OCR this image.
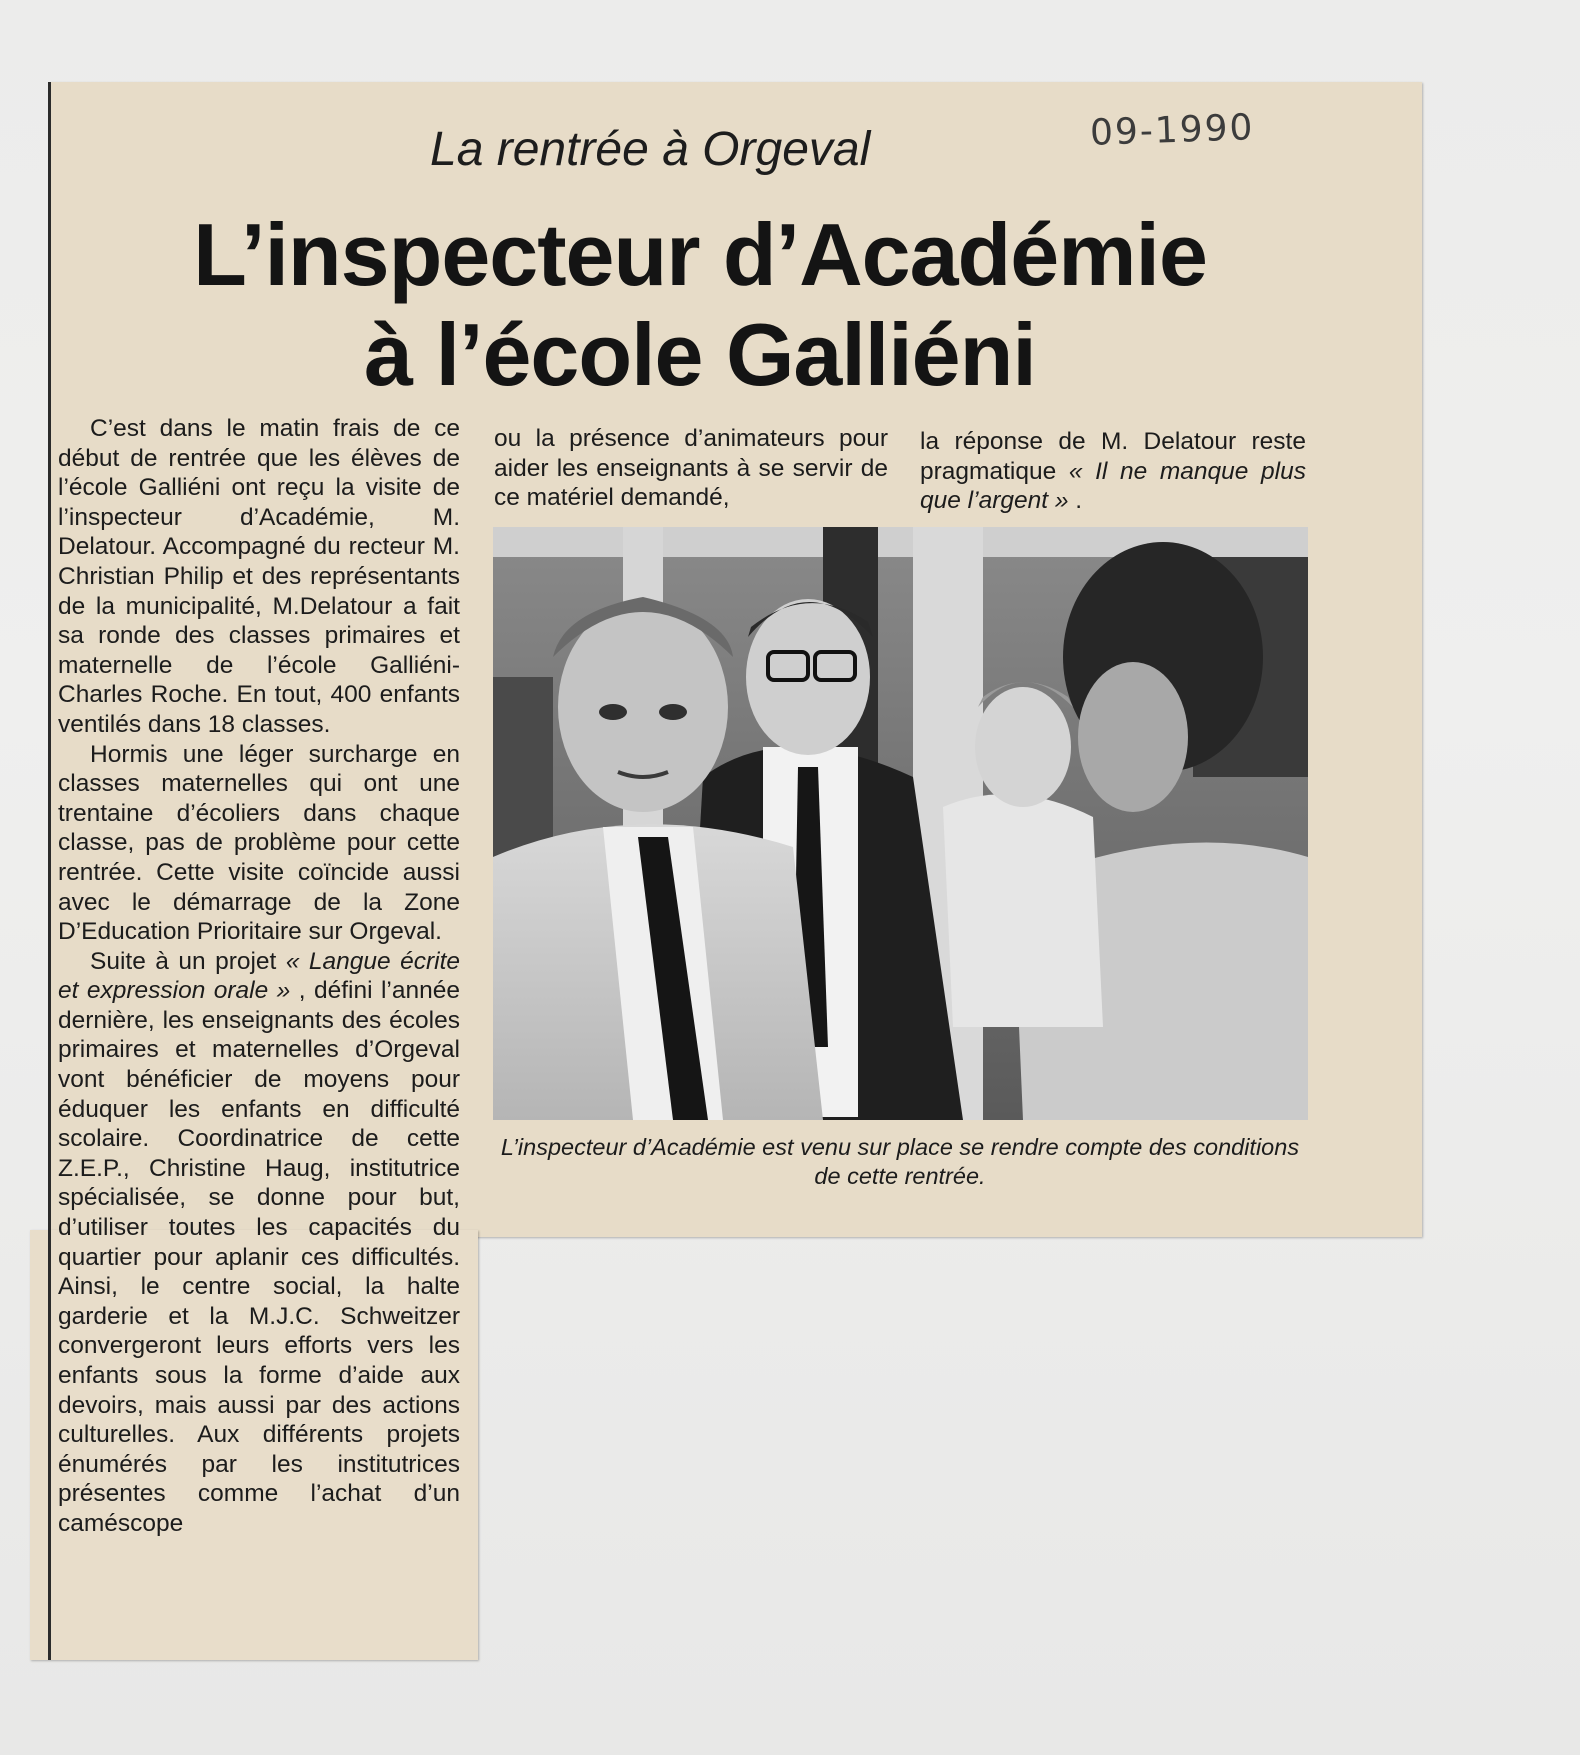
09-1990
La rentrée à Orgeval
L’inspecteur d’Académie
à l’école Galliéni

C’est dans le matin frais de ce début de rentrée que les élèves de l’école Galliéni ont reçu la visite de l’inspecteur d’Académie, M. Delatour. Accompagné du recteur M. Christian Philip et des représentants de la municipalité, M.Delatour a fait sa ronde des classes primaires et maternelle de l’école Galliéni-Charles Roche. En tout, 400 enfants ventilés dans 18 classes.

Hormis une léger surcharge en classes maternelles qui ont une trentaine d’écoliers dans chaque classe, pas de problème pour cette rentrée. Cette visite coïncide aussi avec le démarrage de la Zone D’Education Prioritaire sur Orgeval.

Suite à un projet « Langue écrite et expression orale » , défini l’année dernière, les enseignants des écoles primaires et maternelles d’Orgeval vont bénéficier de moyens pour éduquer les enfants en difficulté scolaire. Coordinatrice de cette Z.E.P., Christine Haug, institutrice spécialisée, se donne pour but, d’utiliser toutes les capacités du quartier pour aplanir ces difficultés. Ainsi, le centre social, la halte garderie et la M.J.C. Schweitzer convergeront leurs efforts vers les enfants sous la forme d’aide aux devoirs, mais aussi par des actions culturelles. Aux différents projets énumérés par les institutrices présentes comme l’achat d’un caméscope

ou la présence d’animateurs pour aider les enseignants à se servir de ce matériel demandé,

la réponse de M. Delatour reste pragmatique « Il ne manque plus que l’argent » .

L’inspecteur d’Académie est venu sur place se rendre compte des conditions de cette rentrée.
